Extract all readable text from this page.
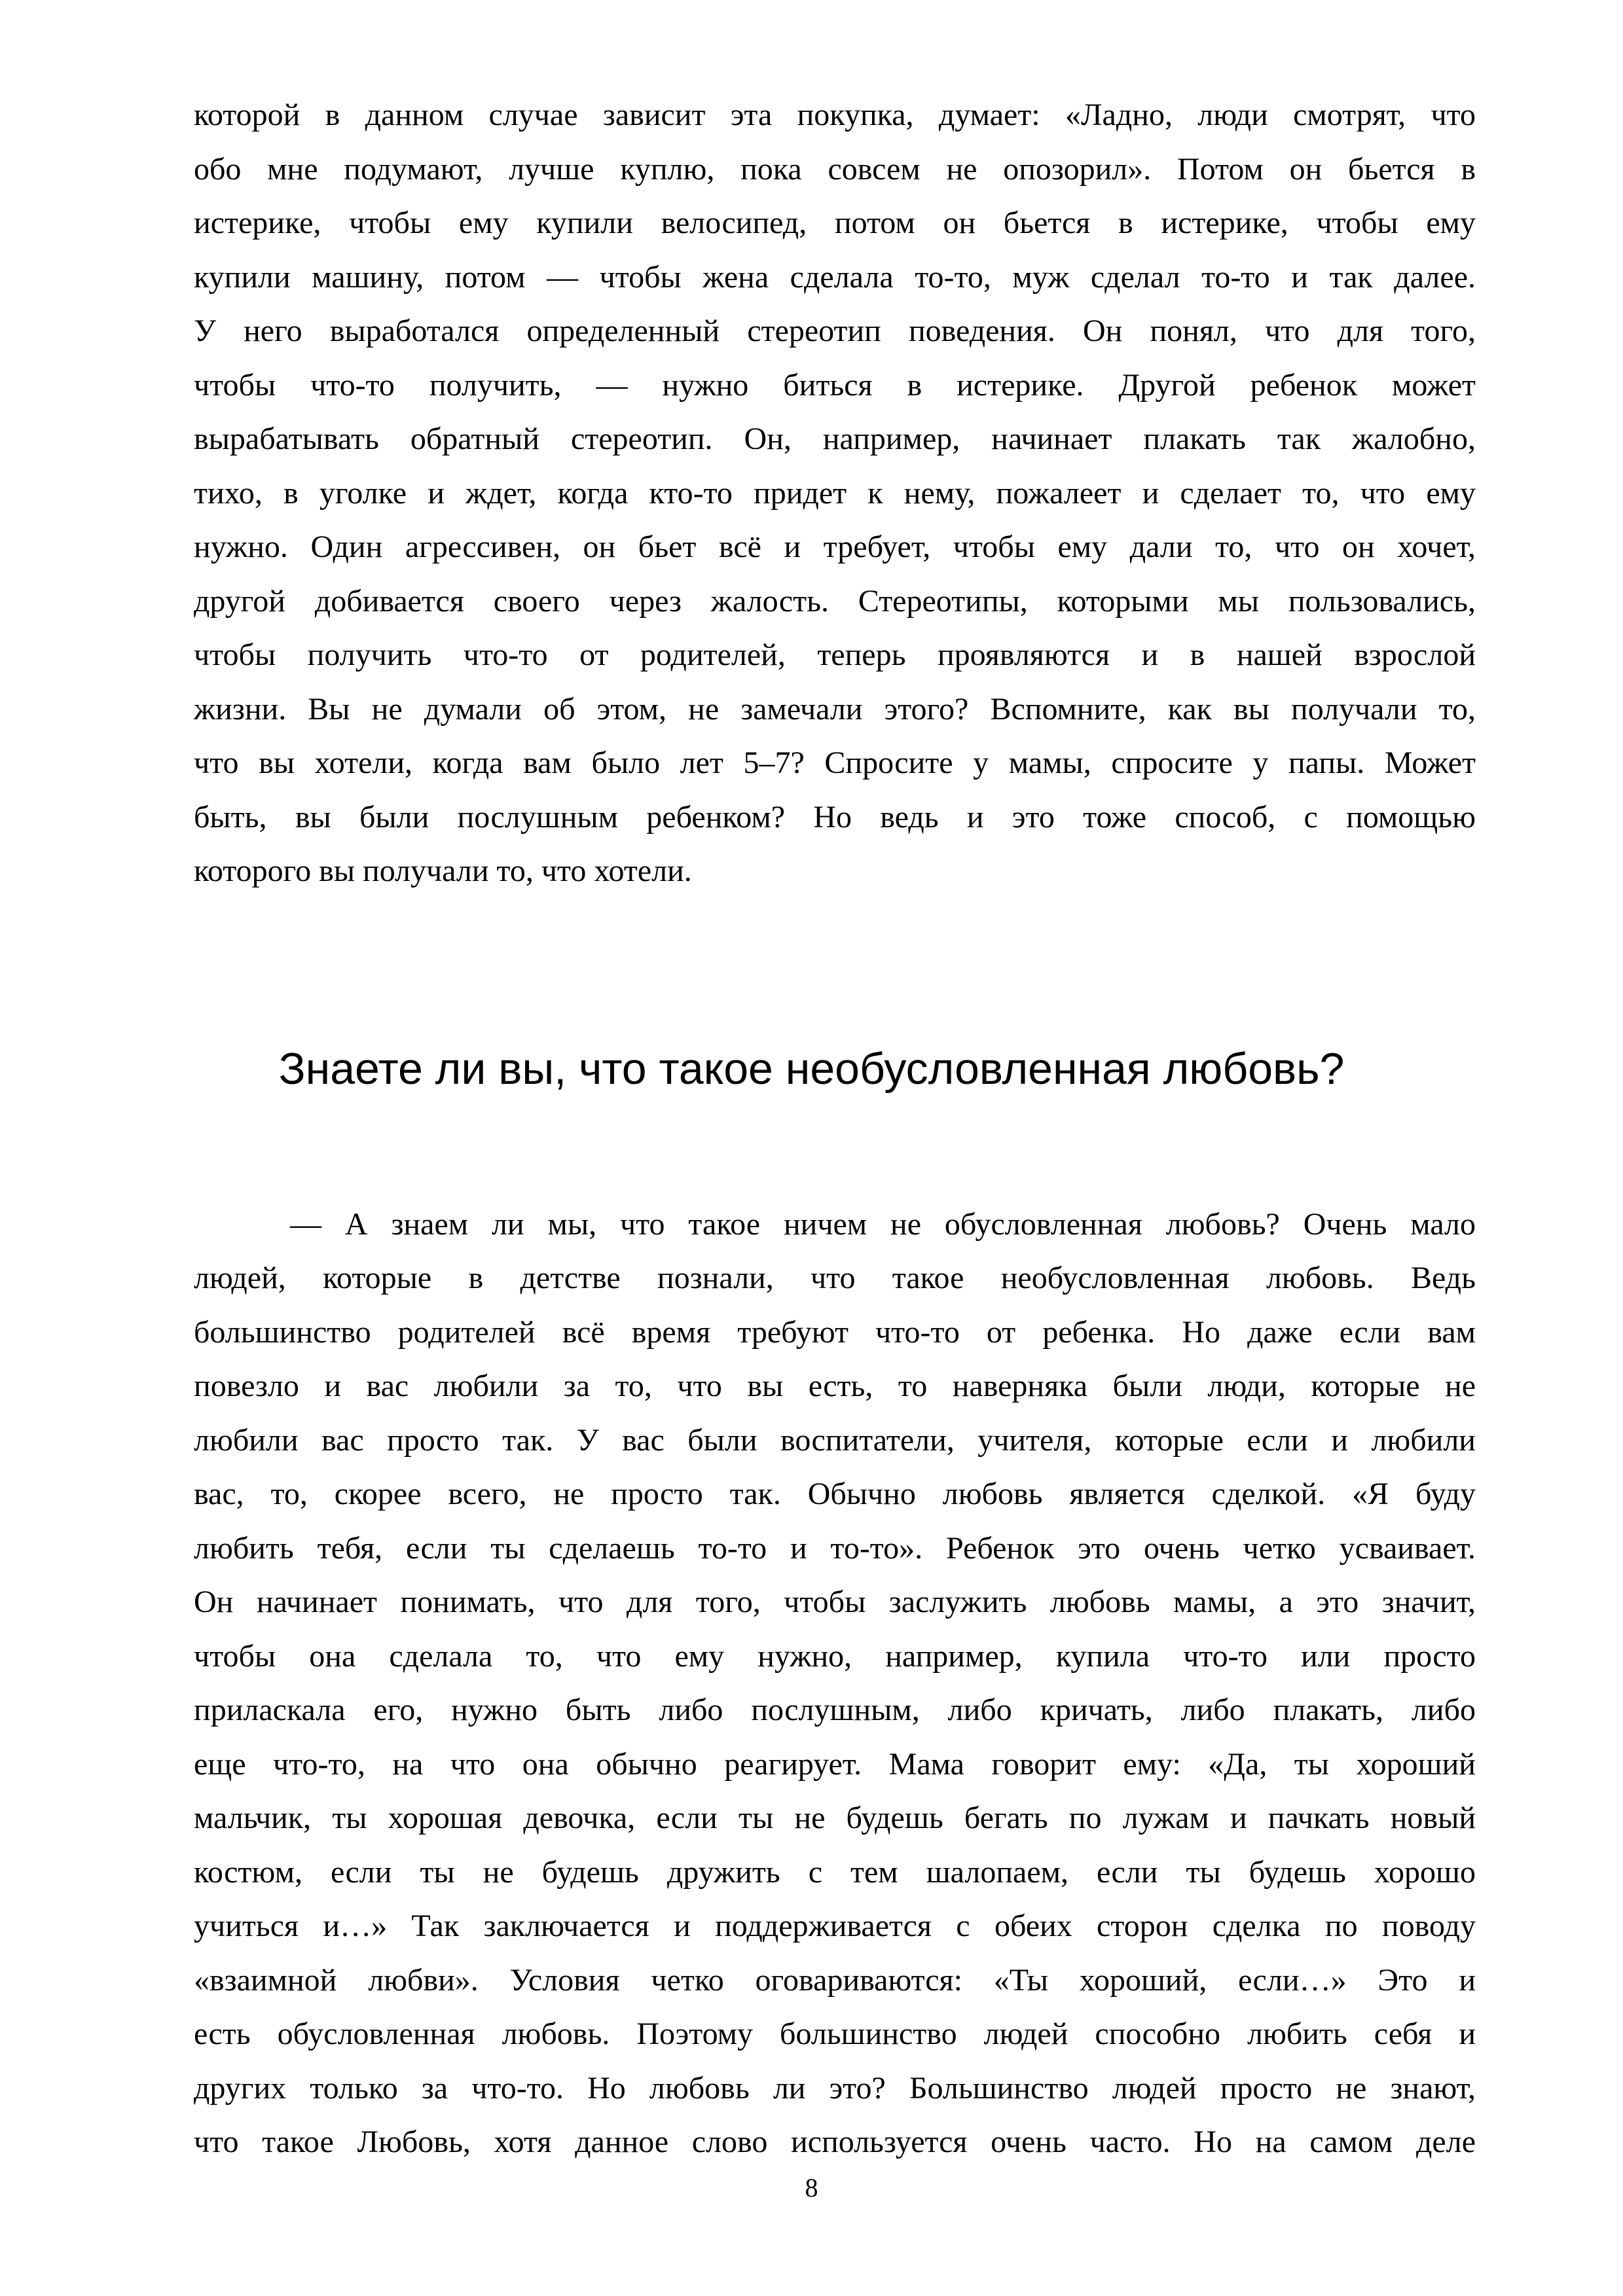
которой в данном случае зависит эта покупка, думает: «Ладно, люди смотрят, что
обо мне подумают, лучше куплю, пока совсем не опозорил». Потом он бьется в
истерике, чтобы ему купили велосипед, потом он бьется в истерике, чтобы ему
купили машину, потом — чтобы жена сделала то-то, муж сделал то-то и так далее.
У него выработался определенный стереотип поведения. Он понял, что для того,
чтобы что-то получить, — нужно биться в истерике. Другой ребенок может
вырабатывать обратный стереотип. Он, например, начинает плакать так жалобно,
тихо, в уголке и ждет, когда кто-то придет к нему, пожалеет и сделает то, что ему
нужно. Один агрессивен, он бьет всё и требует, чтобы ему дали то, что он хочет,
другой добивается своего через жалость. Стереотипы, которыми мы пользовались,
чтобы получить что-то от родителей, теперь проявляются и в нашей взрослой
жизни. Вы не думали об этом, не замечали этого? Вспомните, как вы получали то,
что вы хотели, когда вам было лет 5–7? Спросите у мамы, спросите у папы. Может
быть, вы были послушным ребенком? Но ведь и это тоже способ, с помощью
которого вы получали то, что хотели.
Знаете ли вы, что такое необусловленная любовь?
— А знаем ли мы, что такое ничем не обусловленная любовь? Очень мало
людей, которые в детстве познали, что такое необусловленная любовь. Ведь
большинство родителей всё время требуют что-то от ребенка. Но даже если вам
повезло и вас любили за то, что вы есть, то наверняка были люди, которые не
любили вас просто так. У вас были воспитатели, учителя, которые если и любили
вас, то, скорее всего, не просто так. Обычно любовь является сделкой. «Я буду
любить тебя, если ты сделаешь то-то и то-то». Ребенок это очень четко усваивает.
Он начинает понимать, что для того, чтобы заслужить любовь мамы, а это значит,
чтобы она сделала то, что ему нужно, например, купила что-то или просто
приласкала его, нужно быть либо послушным, либо кричать, либо плакать, либо
еще что-то, на что она обычно реагирует. Мама говорит ему: «Да, ты хороший
мальчик, ты хорошая девочка, если ты не будешь бегать по лужам и пачкать новый
костюм, если ты не будешь дружить с тем шалопаем, если ты будешь хорошо
учиться и…» Так заключается и поддерживается с обеих сторон сделка по поводу
«взаимной любви». Условия четко оговариваются: «Ты хороший, если…» Это и
есть обусловленная любовь. Поэтому большинство людей способно любить себя и
других только за что-то. Но любовь ли это? Большинство людей просто не знают,
что такое Любовь, хотя данное слово используется очень часто. Но на самом деле
8
